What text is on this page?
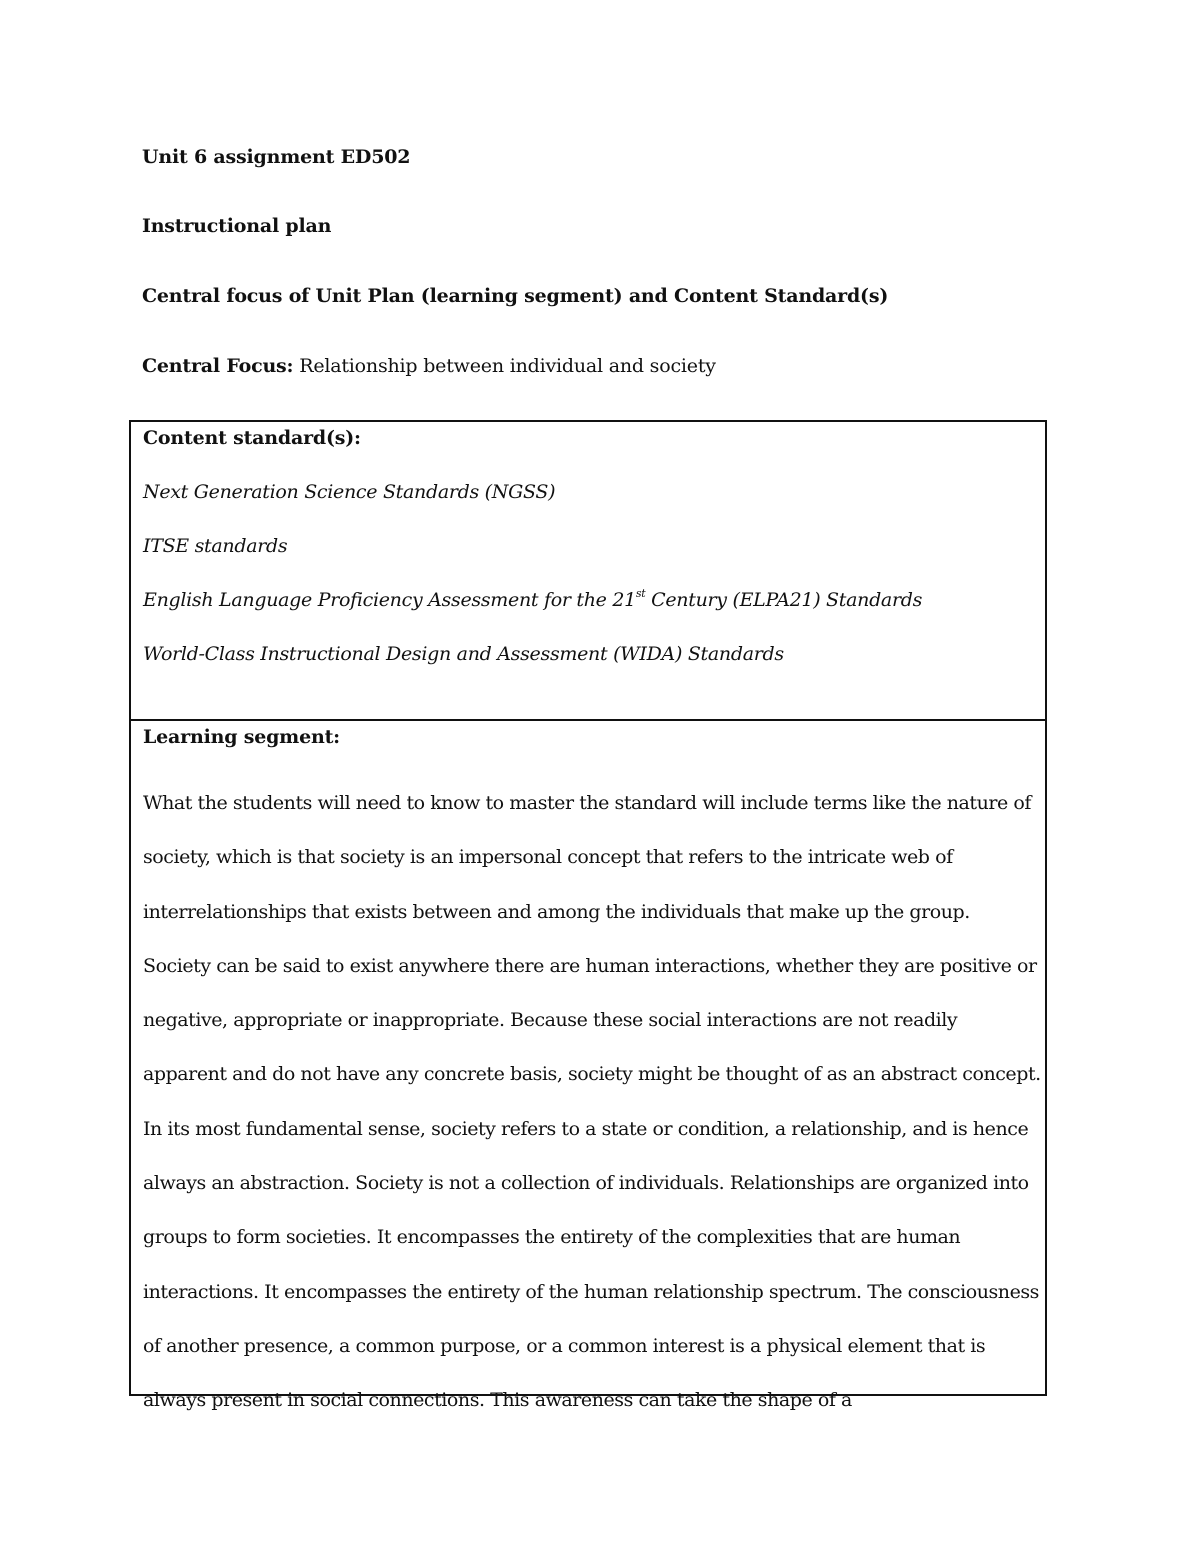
Unit 6 assignment ED502
Instructional plan
Central focus of Unit Plan (learning segment) and Content Standard(s)
Central Focus: Relationship between individual and society
Content standard(s):
Next Generation Science Standards (NGSS)
ITSE standards
English Language Proficiency Assessment for the 21st Century (ELPA21) Standards
World-Class Instructional Design and Assessment (WIDA) Standards
Learning segment:
What the students will need to know to master the standard will include terms like the nature of society, which is that society is an impersonal concept that refers to the intricate web of interrelationships that exists between and among the individuals that make up the group. Society can be said to exist anywhere there are human interactions, whether they are positive or negative, appropriate or inappropriate. Because these social interactions are not readily apparent and do not have any concrete basis, society might be thought of as an abstract concept. In its most fundamental sense, society refers to a state or condition, a relationship, and is hence always an abstraction. Society is not a collection of individuals. Relationships are organized into groups to form societies. It encompasses the entirety of the complexities that are human interactions. It encompasses the entirety of the human relationship spectrum. The consciousness of another presence, a common purpose, or a common interest is a physical element that is always present in social connections. This awareness can take the shape of a
